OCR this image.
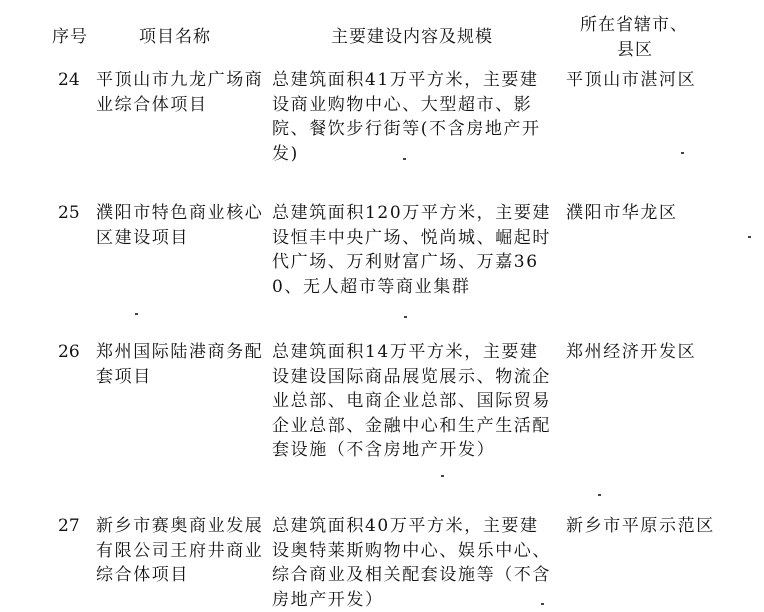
序号	项目名称	主要建设内容及规模
所在省辖市、
县区
24 平顶山市九龙广场商业综合体项目
总建筑面积41万平方米，主要建设商业购物中心、大型超市、影院、餐饮步行街等(不含房地产开发)
平顶山市湛河区
25 濮阳市特色商业核心区建设项目
总建筑面积120万平方米，主要建设恒丰中央广场、悦尚城、崛起时代广场、万利财富广场、万嘉360、无人超市等商业集群
濮阳市华龙区
26 郑州国际陆港商务配套项目
总建筑面积14万平方米，主要建设建设国际商品展览展示、物流企业总部、电商企业总部、国际贸易企业总部、金融中心和生产生活配套设施（不含房地产开发）
郑州经济开发区
27 新乡市赛奥商业发展有限公司王府井商业综合体项目
总建筑面积40万平方米，主要建设奥特莱斯购物中心、娱乐中心、综合商业及相关配套设施等（不含房地产开发）
新乡市平原示范区
